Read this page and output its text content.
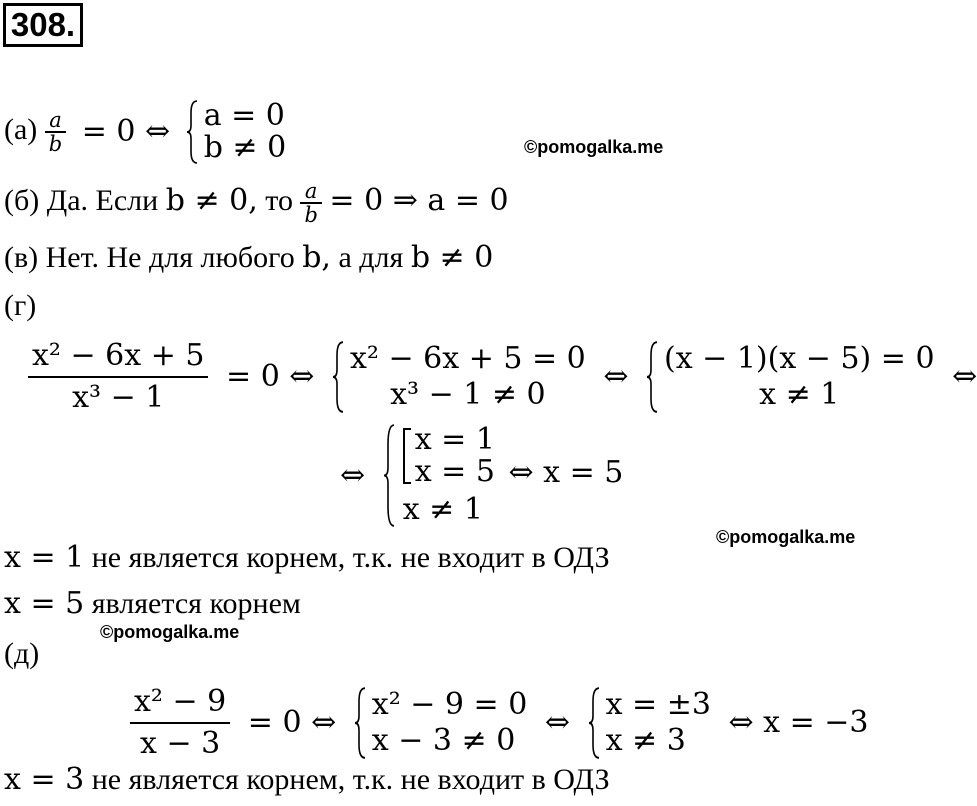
308.
©pomogalka.me
©pomogalka.me
©pomogalka.me
$(а) \frac{a}{b} = 0$ ⇔ a = 0
b ≠ 0
(б) Да. Если b ≠ 0, то $\frac{a}{b} = 0$ ⇒ a = 0
(в) Нет. Не для любого b, а для b ≠ 0
(г)
$\frac{\text{x² − 6x + 5}}{\text{x³ − 1}} = 0$ ⇔
x² − 6x + 5 = 0
x³ − 1 ≠ 0
⇔
(x − 1)(x − 5) = 0
x ≠ 1
⇔
⇔
x = 1
x = 5 ⇔ x = 5
x ≠ 1
x = 1 не является корнем, т.к. не входит в ОДЗ
x = 5 является корнем
(д)
$\frac{\text{x² − 9}}{x - 3} = 0$ ⇔
x² − 9 = 0
x − 3 ≠ 0
⇔
x = ±3
x ≠ 3
⇔ x = −3
x = 3 не является корнем, т.к. не входит в ОДЗ
